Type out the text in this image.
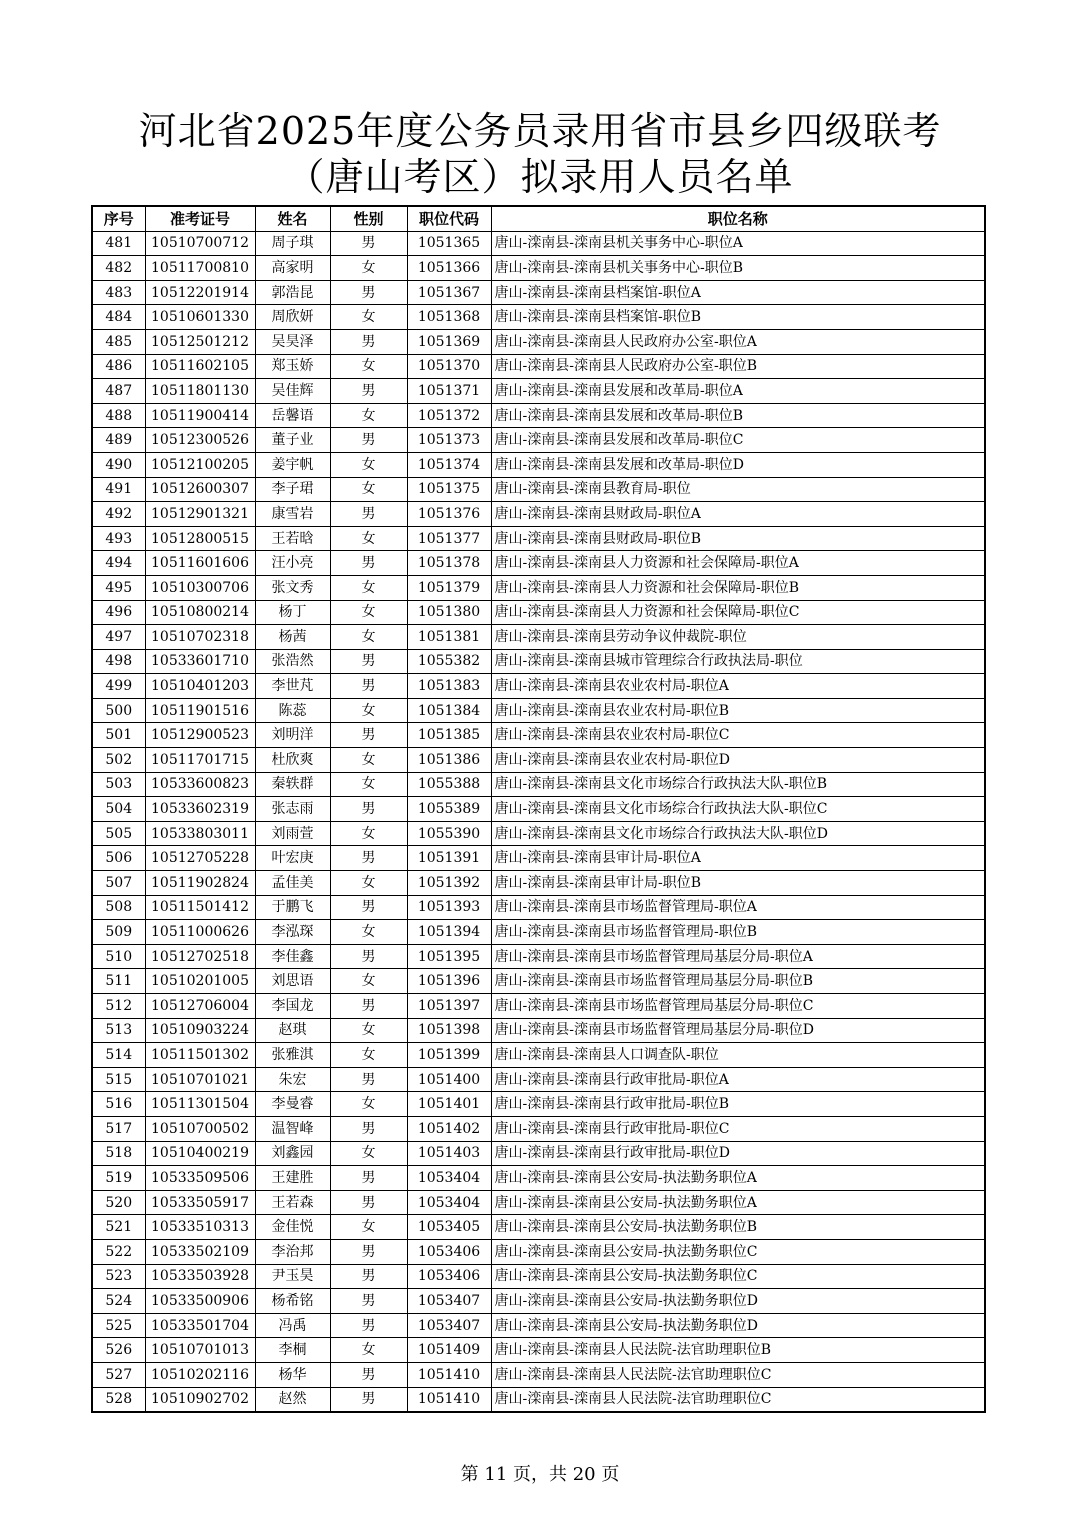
河北省2025年度公务员录用省市县乡四级联考
（唐山考区）拟录用人员名单
序号	准考证号	姓名	性别	职位代码	职位名称
481	10510700712	周子琪	男	1051365	唐山-滦南县-滦南县机关事务中心-职位A
482	10511700810	高家明	女	1051366	唐山-滦南县-滦南县机关事务中心-职位B
483	10512201914	郭浩昆	男	1051367	唐山-滦南县-滦南县档案馆-职位A
484	10510601330	周欣妍	女	1051368	唐山-滦南县-滦南县档案馆-职位B
485	10512501212	吴昊泽	男	1051369	唐山-滦南县-滦南县人民政府办公室-职位A
486	10511602105	郑玉娇	女	1051370	唐山-滦南县-滦南县人民政府办公室-职位B
487	10511801130	吴佳辉	男	1051371	唐山-滦南县-滦南县发展和改革局-职位A
488	10511900414	岳馨语	女	1051372	唐山-滦南县-滦南县发展和改革局-职位B
489	10512300526	董子业	男	1051373	唐山-滦南县-滦南县发展和改革局-职位C
490	10512100205	姜宇帆	女	1051374	唐山-滦南县-滦南县发展和改革局-职位D
491	10512600307	李子珺	女	1051375	唐山-滦南县-滦南县教育局-职位
492	10512901321	康雪岩	男	1051376	唐山-滦南县-滦南县财政局-职位A
493	10512800515	王若晗	女	1051377	唐山-滦南县-滦南县财政局-职位B
494	10511601606	汪小亮	男	1051378	唐山-滦南县-滦南县人力资源和社会保障局-职位A
495	10510300706	张文秀	女	1051379	唐山-滦南县-滦南县人力资源和社会保障局-职位B
496	10510800214	杨丁	女	1051380	唐山-滦南县-滦南县人力资源和社会保障局-职位C
497	10510702318	杨茜	女	1051381	唐山-滦南县-滦南县劳动争议仲裁院-职位
498	10533601710	张浩然	男	1055382	唐山-滦南县-滦南县城市管理综合行政执法局-职位
499	10510401203	李世芃	男	1051383	唐山-滦南县-滦南县农业农村局-职位A
500	10511901516	陈蕊	女	1051384	唐山-滦南县-滦南县农业农村局-职位B
501	10512900523	刘明洋	男	1051385	唐山-滦南县-滦南县农业农村局-职位C
502	10511701715	杜欣爽	女	1051386	唐山-滦南县-滦南县农业农村局-职位D
503	10533600823	秦轶群	女	1055388	唐山-滦南县-滦南县文化市场综合行政执法大队-职位B
504	10533602319	张志雨	男	1055389	唐山-滦南县-滦南县文化市场综合行政执法大队-职位C
505	10533803011	刘雨萱	女	1055390	唐山-滦南县-滦南县文化市场综合行政执法大队-职位D
506	10512705228	叶宏庚	男	1051391	唐山-滦南县-滦南县审计局-职位A
507	10511902824	孟佳美	女	1051392	唐山-滦南县-滦南县审计局-职位B
508	10511501412	于鹏飞	男	1051393	唐山-滦南县-滦南县市场监督管理局-职位A
509	10511000626	李泓琛	女	1051394	唐山-滦南县-滦南县市场监督管理局-职位B
510	10512702518	李佳鑫	男	1051395	唐山-滦南县-滦南县市场监督管理局基层分局-职位A
511	10510201005	刘思语	女	1051396	唐山-滦南县-滦南县市场监督管理局基层分局-职位B
512	10512706004	李国龙	男	1051397	唐山-滦南县-滦南县市场监督管理局基层分局-职位C
513	10510903224	赵琪	女	1051398	唐山-滦南县-滦南县市场监督管理局基层分局-职位D
514	10511501302	张雅淇	女	1051399	唐山-滦南县-滦南县人口调查队-职位
515	10510701021	朱宏	男	1051400	唐山-滦南县-滦南县行政审批局-职位A
516	10511301504	李曼睿	女	1051401	唐山-滦南县-滦南县行政审批局-职位B
517	10510700502	温智峰	男	1051402	唐山-滦南县-滦南县行政审批局-职位C
518	10510400219	刘鑫园	女	1051403	唐山-滦南县-滦南县行政审批局-职位D
519	10533509506	王建胜	男	1053404	唐山-滦南县-滦南县公安局-执法勤务职位A
520	10533505917	王若森	男	1053404	唐山-滦南县-滦南县公安局-执法勤务职位A
521	10533510313	金佳悦	女	1053405	唐山-滦南县-滦南县公安局-执法勤务职位B
522	10533502109	李治邦	男	1053406	唐山-滦南县-滦南县公安局-执法勤务职位C
523	10533503928	尹玉昊	男	1053406	唐山-滦南县-滦南县公安局-执法勤务职位C
524	10533500906	杨希铭	男	1053407	唐山-滦南县-滦南县公安局-执法勤务职位D
525	10533501704	冯禹	男	1053407	唐山-滦南县-滦南县公安局-执法勤务职位D
526	10510701013	李桐	女	1051409	唐山-滦南县-滦南县人民法院-法官助理职位B
527	10510202116	杨华	男	1051410	唐山-滦南县-滦南县人民法院-法官助理职位C
528	10510902702	赵然	男	1051410	唐山-滦南县-滦南县人民法院-法官助理职位C
第 11 页，共 20 页
